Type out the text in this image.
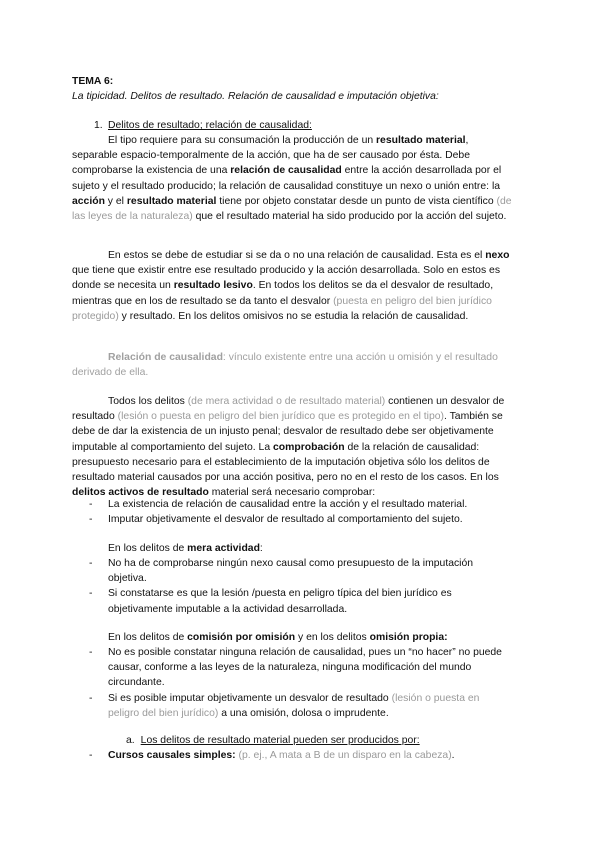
TEMA 6:

La tipicidad. Delitos de resultado. Relación de causalidad e imputación objetiva:

1. Delitos de resultado; relación de causalidad:

El tipo requiere para su consumación la producción de un resultado material, separable espacio-temporalmente de la acción, que ha de ser causado por ésta. Debe comprobarse la existencia de una relación de causalidad entre la acción desarrollada por el sujeto y el resultado producido; la relación de causalidad constituye un nexo o unión entre: la acción y el resultado material tiene por objeto constatar desde un punto de vista científico (de las leyes de la naturaleza) que el resultado material ha sido producido por la acción del sujeto.

En estos se debe de estudiar si se da o no una relación de causalidad. Esta es el nexo que tiene que existir entre ese resultado producido y la acción desarrollada. Solo en estos es donde se necesita un resultado lesivo. En todos los delitos se da el desvalor de resultado, mientras que en los de resultado se da tanto el desvalor (puesta en peligro del bien jurídico protegido) y resultado. En los delitos omisivos no se estudia la relación de causalidad.

Relación de causalidad: vínculo existente entre una acción u omisión y el resultado derivado de ella.

Todos los delitos (de mera actividad o de resultado material) contienen un desvalor de resultado (lesión o puesta en peligro del bien jurídico que es protegido en el tipo). También se debe de dar la existencia de un injusto penal; desvalor de resultado debe ser objetivamente imputable al comportamiento del sujeto. La comprobación de la relación de causalidad: presupuesto necesario para el establecimiento de la imputación objetiva sólo los delitos de resultado material causados por una acción positiva, pero no en el resto de los casos. En los delitos activos de resultado material será necesario comprobar:

- La existencia de relación de causalidad entre la acción y el resultado material.
- Imputar objetivamente el desvalor de resultado al comportamiento del sujeto.

En los delitos de mera actividad:

- No ha de comprobarse ningún nexo causal como presupuesto de la imputación objetiva.
- Si constatarse es que la lesión /puesta en peligro típica del bien jurídico es objetivamente imputable a la actividad desarrollada.

En los delitos de comisión por omisión y en los delitos omisión propia:

- No es posible constatar ninguna relación de causalidad, pues un “no hacer” no puede causar, conforme a las leyes de la naturaleza, ninguna modificación del mundo circundante.
- Si es posible imputar objetivamente un desvalor de resultado (lesión o puesta en peligro del bien jurídico) a una omisión, dolosa o imprudente.

a. Los delitos de resultado material pueden ser producidos por:

- Cursos causales simples: (p. ej., A mata a B de un disparo en la cabeza).
